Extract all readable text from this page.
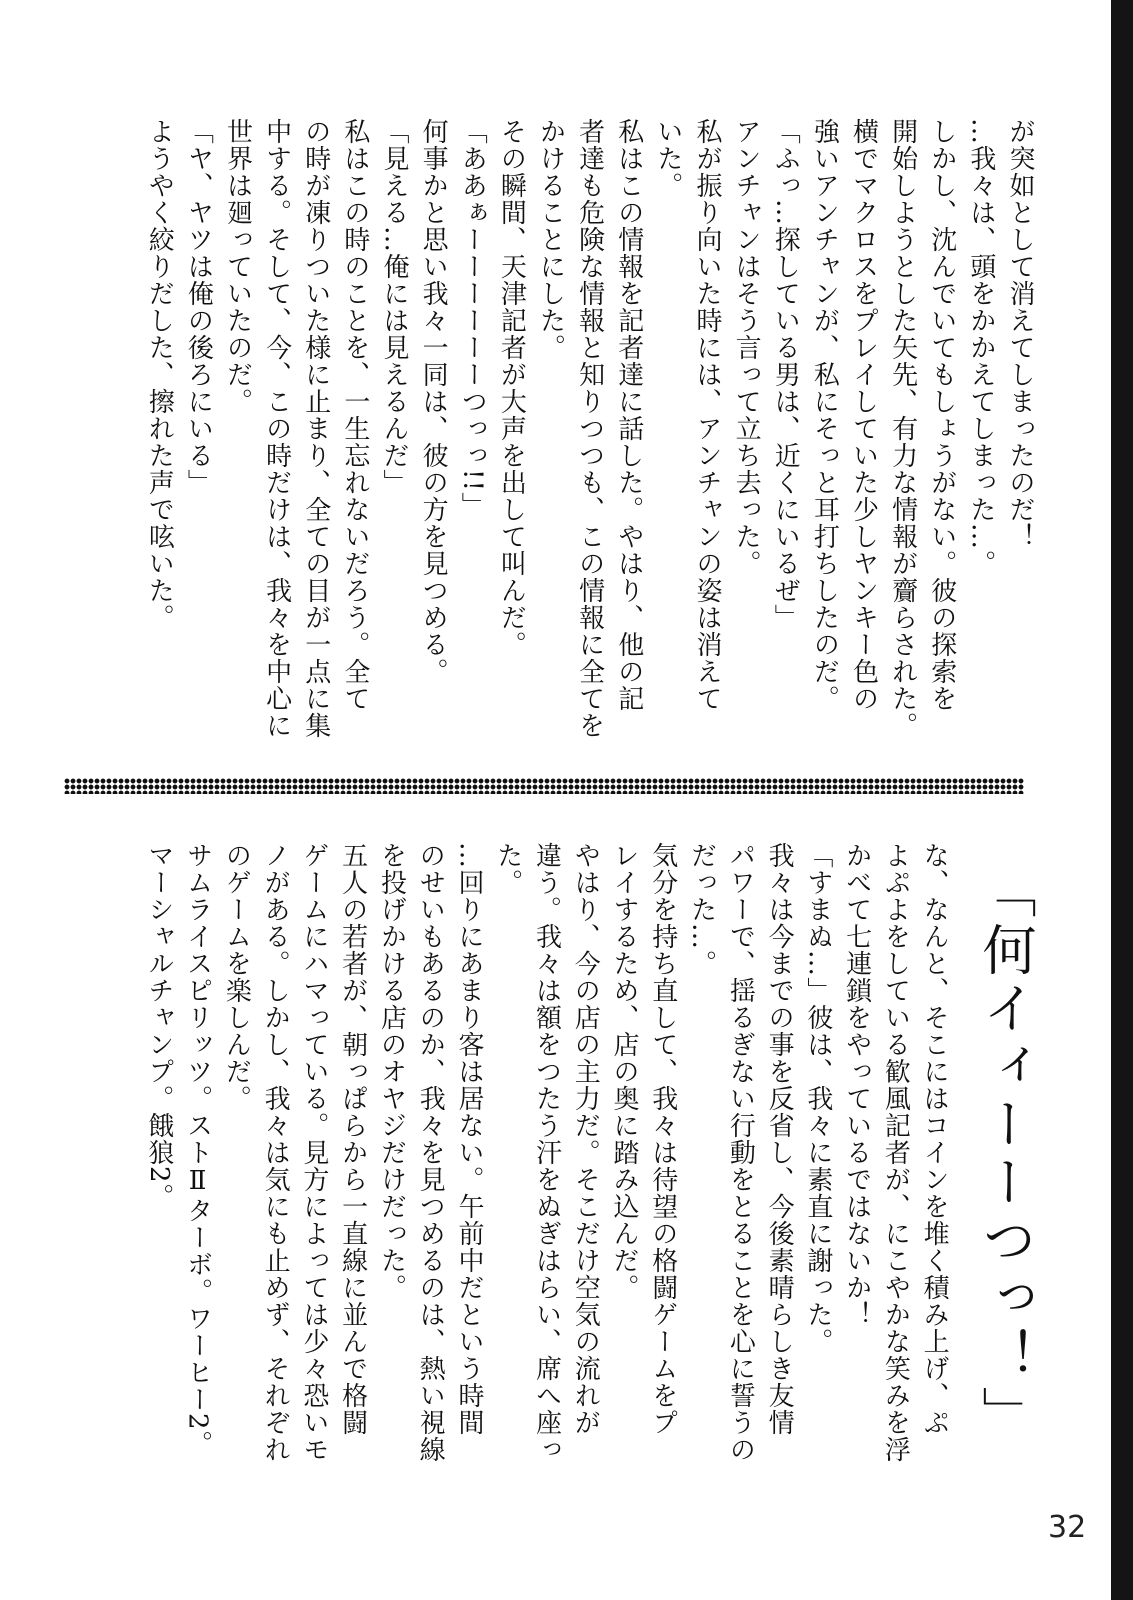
が突如として消えてしまったのだ！
…我々は、頭をかかえてしまった…。
しかし、沈んでいてもしょうがない。彼の探索を
開始しようとした矢先、有力な情報が齎らされた。
横でマクロスをプレイしていた少しヤンキー色の
強いアンチャンが、私にそっと耳打ちしたのだ。
「ふっ…探している男は、近くにいるぜ」
アンチャンはそう言って立ち去った。
私が振り向いた時には、アンチャンの姿は消えて
いた。
私はこの情報を記者達に話した。やはり、他の記
者達も危険な情報と知りつつも、この情報に全てを
かけることにした。
その瞬間、天津記者が大声を出して叫んだ。
「ああぁーーーーーーつっっ!!」
何事かと思い我々一同は、彼の方を見つめる。
「見える…俺には見えるんだ」
私はこの時のことを、一生忘れないだろう。全て
の時が凍りついた様に止まり、全ての目が一点に集
中する。そして、今、この時だけは、我々を中心に
世界は廻っていたのだ。
「ヤ、ヤツは俺の後ろにいる」
ようやく絞りだした、擦れた声で呟いた。
「何イィーーつっ！」
な、なんと、そこにはコインを堆く積み上げ、ぷ
よぷよをしている歓風記者が、にこやかな笑みを浮
かべて七連鎖をやっているではないか！
「すまぬ…」彼は、我々に素直に謝った。
我々は今までの事を反省し、今後素晴らしき友情
パワーで、揺るぎない行動をとることを心に誓うの
だった…。
気分を持ち直して、我々は待望の格闘ゲームをプ
レイするため、店の奥に踏み込んだ。
やはり、今の店の主力だ。そこだけ空気の流れが
違う。我々は額をつたう汗をぬぎはらい、席へ座っ
た。
…回りにあまり客は居ない。午前中だという時間
のせいもあるのか、我々を見つめるのは、熱い視線
を投げかける店のオヤジだけだった。
五人の若者が、朝っぱらから一直線に並んで格闘
ゲームにハマっている。見方によっては少々恐いモ
ノがある。しかし、我々は気にも止めず、それぞれ
のゲームを楽しんだ。
サムライスピリッツ。ストⅡターボ。ワーヒー2。
マーシャルチャンプ。餓狼2。
32
